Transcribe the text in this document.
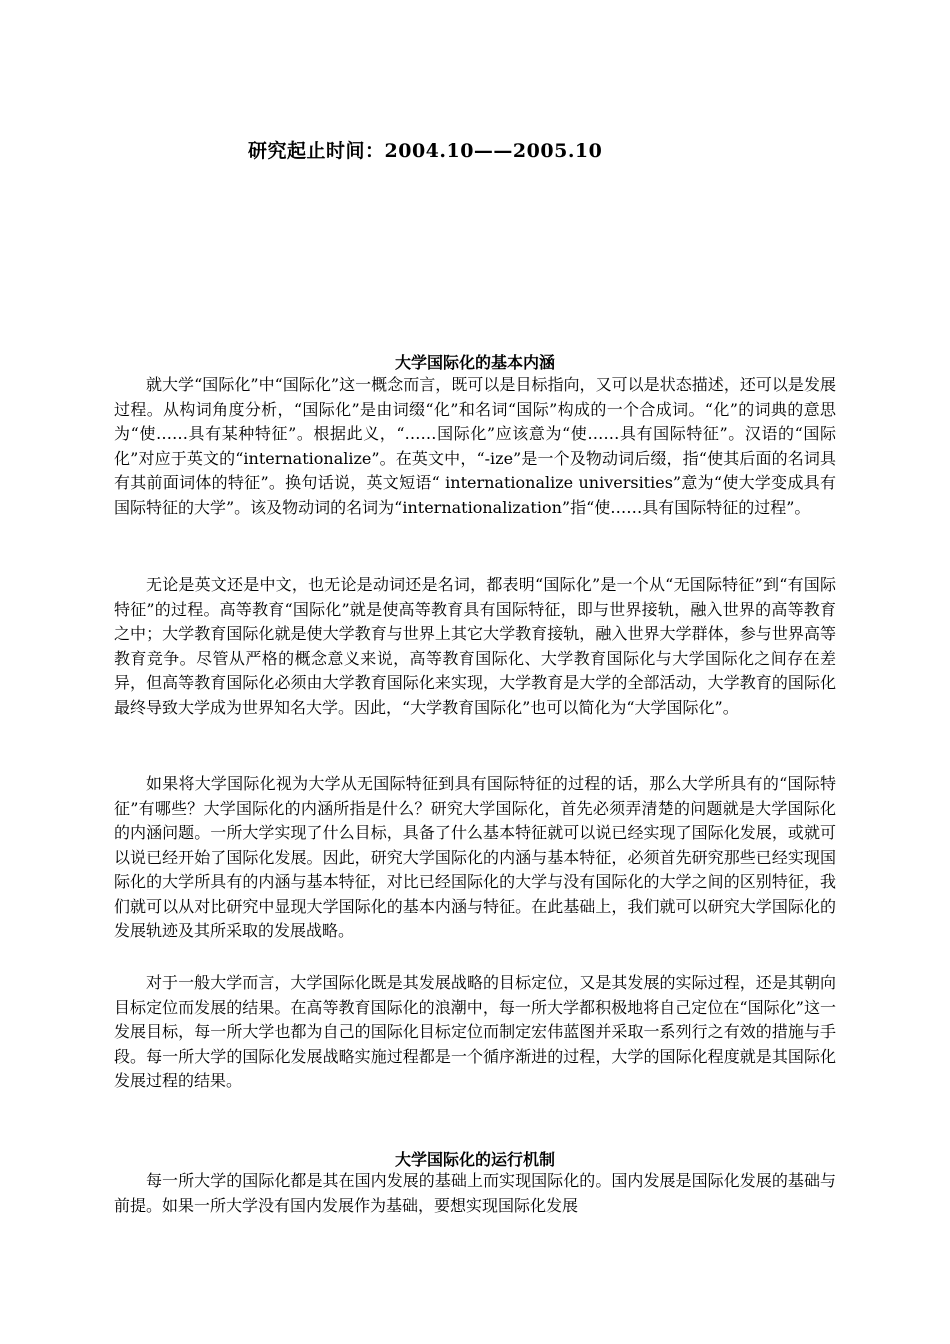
研究起止时间：2004.10——2005.10
大学国际化的基本内涵

就大学“国际化”中“国际化”这一概念而言，既可以是目标指向，又可以是状态描述，还可以是发展过程。从构词角度分析，“国际化”是由词缀“化”和名词“国际”构成的一个合成词。“化”的词典的意思为“使……具有某种特征”。根据此义，“……国际化”应该意为“使……具有国际特征”。汉语的“国际化”对应于英文的“internationalize”。在英文中，“-ize”是一个及物动词后缀，指“使其后面的名词具有其前面词体的特征”。换句话说，英文短语“ internationalize universities”意为“使大学变成具有国际特征的大学”。该及物动词的名词为“internationalization”指“使……具有国际特征的过程”。

无论是英文还是中文，也无论是动词还是名词，都表明“国际化”是一个从“无国际特征”到“有国际特征”的过程。高等教育“国际化”就是使高等教育具有国际特征，即与世界接轨，融入世界的高等教育之中；大学教育国际化就是使大学教育与世界上其它大学教育接轨，融入世界大学群体，参与世界高等教育竞争。尽管从严格的概念意义来说，高等教育国际化、大学教育国际化与大学国际化之间存在差异，但高等教育国际化必须由大学教育国际化来实现，大学教育是大学的全部活动，大学教育的国际化最终导致大学成为世界知名大学。因此，“大学教育国际化”也可以简化为“大学国际化”。

如果将大学国际化视为大学从无国际特征到具有国际特征的过程的话，那么大学所具有的“国际特征”有哪些？大学国际化的内涵所指是什么？研究大学国际化，首先必须弄清楚的问题就是大学国际化的内涵问题。一所大学实现了什么目标，具备了什么基本特征就可以说已经实现了国际化发展，或就可以说已经开始了国际化发展。因此，研究大学国际化的内涵与基本特征，必须首先研究那些已经实现国际化的大学所具有的内涵与基本特征，对比已经国际化的大学与没有国际化的大学之间的区别特征，我们就可以从对比研究中显现大学国际化的基本内涵与特征。在此基础上，我们就可以研究大学国际化的发展轨迹及其所采取的发展战略。

对于一般大学而言，大学国际化既是其发展战略的目标定位，又是其发展的实际过程，还是其朝向目标定位而发展的结果。在高等教育国际化的浪潮中，每一所大学都积极地将自己定位在“国际化”这一发展目标，每一所大学也都为自己的国际化目标定位而制定宏伟蓝图并采取一系列行之有效的措施与手段。每一所大学的国际化发展战略实施过程都是一个循序渐进的过程，大学的国际化程度就是其国际化发展过程的结果。

大学国际化的运行机制

每一所大学的国际化都是其在国内发展的基础上而实现国际化的。国内发展是国际化发展的基础与前提。如果一所大学没有国内发展作为基础，要想实现国际化发展
